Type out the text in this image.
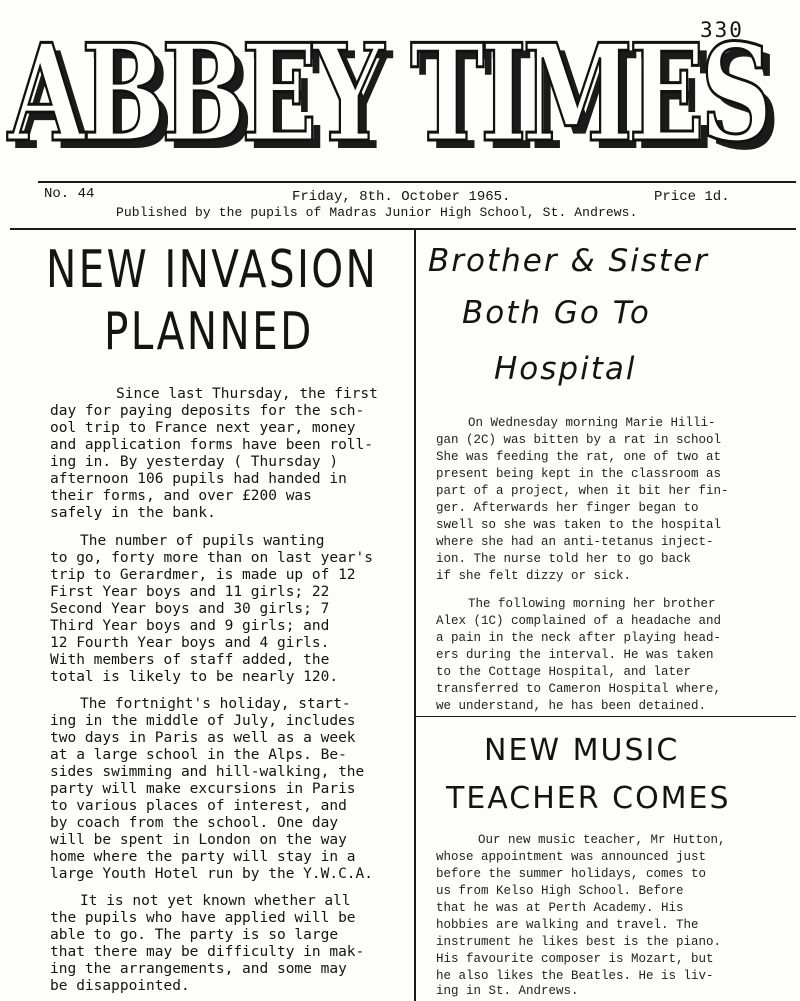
330
ABBEY TIMES
ABBEY TIMES
No. 44	Friday, 8th. October 1965.	Price 1d.
Published by the pupils of Madras Junior High School, St. Andrews.
NEW INVASION
PLANNED
Since last Thursday, the first
day for paying deposits for the sch-
ool trip to France next year, money
and application forms have been roll-
ing in. By yesterday ( Thursday )
afternoon 106 pupils had handed in
their forms, and over £200 was
safely in the bank.
The number of pupils wanting
to go, forty more than on last year's
trip to Gerardmer, is made up of 12
First Year boys and 11 girls; 22
Second Year boys and 30 girls; 7
Third Year boys and 9 girls; and
12 Fourth Year boys and 4 girls.
With members of staff added, the
total is likely to be nearly 120.
The fortnight's holiday, start-
ing in the middle of July, includes
two days in Paris as well as a week
at a large school in the Alps. Be-
sides swimming and hill-walking, the
party will make excursions in Paris
to various places of interest, and
by coach from the school. One day
will be spent in London on the way
home where the party will stay in a
large Youth Hotel run by the Y.W.C.A.
It is not yet known whether all
the pupils who have applied will be
able to go. The party is so large
that there may be difficulty in mak-
ing the arrangements, and some may
be disappointed.
Brother & Sister
Both Go To
Hospital
On Wednesday morning Marie Hilli-
gan (2C) was bitten by a rat in school
She was feeding the rat, one of two at
present being kept in the classroom as
part of a project, when it bit her fin-
ger. Afterwards her finger began to
swell so she was taken to the hospital
where she had an anti-tetanus inject-
ion. The nurse told her to go back
if she felt dizzy or sick.
The following morning her brother
Alex (1C) complained of a headache and
a pain in the neck after playing head-
ers during the interval. He was taken
to the Cottage Hospital, and later
transferred to Cameron Hospital where,
we understand, he has been detained.
NEW MUSIC
TEACHER COMES
Our new music teacher, Mr Hutton,
whose appointment was announced just
before the summer holidays, comes to
us from Kelso High School. Before
that he was at Perth Academy. His
hobbies are walking and travel. The
instrument he likes best is the piano.
His favourite composer is Mozart, but
he also likes the Beatles. He is liv-
ing in St. Andrews.
